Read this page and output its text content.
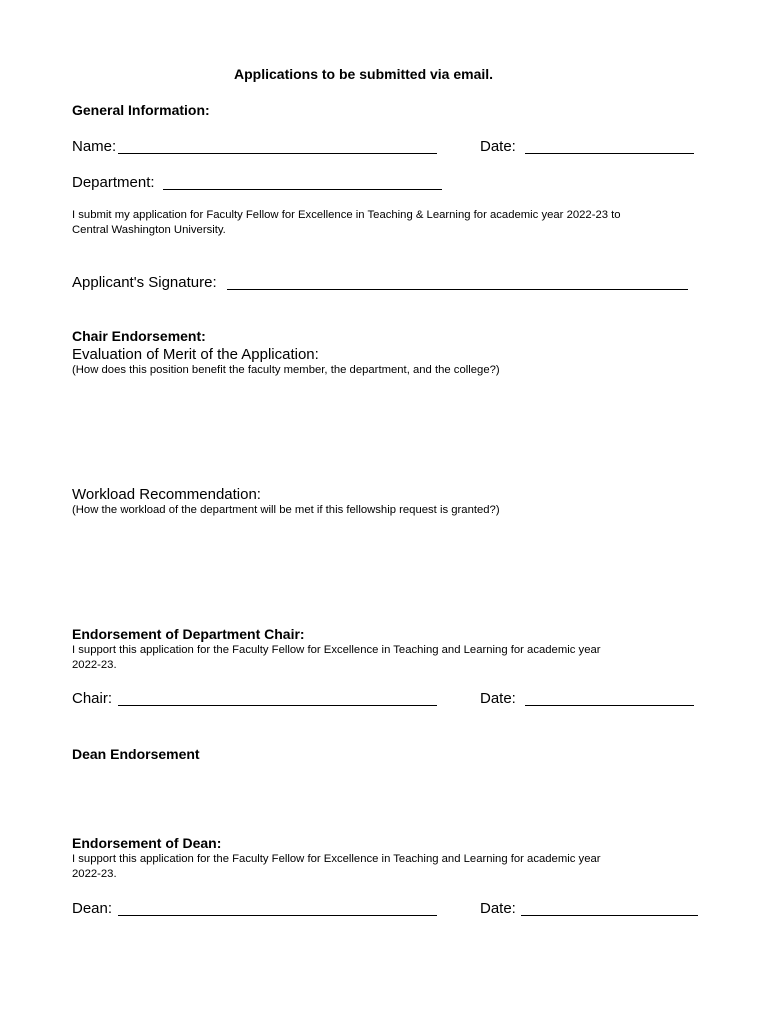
Applications to be submitted via email.
General Information:
Name:	Date:
Department:
I submit my application for Faculty Fellow for Excellence in Teaching & Learning for academic year 2022-23 to
Central Washington University.
Applicant's Signature:
Chair Endorsement:
Evaluation of Merit of the Application:
(How does this position benefit the faculty member, the department, and the college?)
Workload Recommendation:
(How the workload of the department will be met if this fellowship request is granted?)
Endorsement of Department Chair:
I support this application for the Faculty Fellow for Excellence in Teaching and Learning for academic year
2022-23.
Chair:	Date:
Dean Endorsement
Endorsement of Dean:
I support this application for the Faculty Fellow for Excellence in Teaching and Learning for academic year
2022-23.
Dean:	Date:
